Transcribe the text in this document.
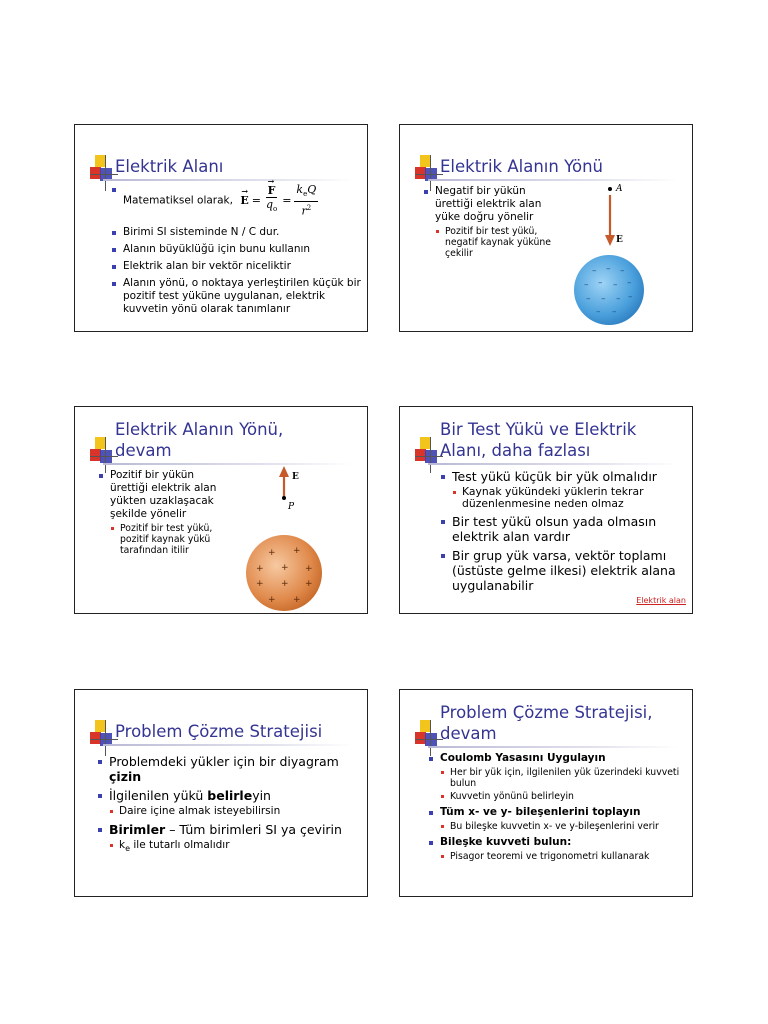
Elektrik Alanı
Matematiksel olarak,
→
E = →
F
$q_o = \frac{k_eQ}{r^2}$
Birimi SI sisteminde N / C dur.
Alanın büyüklüğü için bunu kullanın
Elektrik alan bir vektör niceliktir
Alanın yönü, o noktaya yerleştirilen küçük bir pozitif test yüküne uygulanan, elektrik kuvvetin yönü olarak tanımlanır
Elektrik Alanın Yönü
Negatif bir yükün ürettiği elektrik alan yüke doğru yönelir
Pozitif bir test yükü, negatif kaynak yüküne çekilir
A
E
– – –
– – – –
– – – –
– –
Elektrik Alanın Yönü,
devam
Pozitif bir yükün ürettiği elektrik alan yükten uzaklaşacak şekilde yönelir
Pozitif bir test yükü, pozitif kaynak yükü tarafından itilir
E
P
+ +
+ + +
+ + +
+ +
Bir Test Yükü ve Elektrik
Alanı, daha fazlası
Test yükü küçük bir yük olmalıdır
Kaynak yükündeki yüklerin tekrar düzenlenmesine neden olmaz
Bir test yükü olsun yada olmasın elektrik alan vardır
Bir grup yük varsa, vektör toplamı (üstüste gelme ilkesi) elektrik alana uygulanabilir
Elektrik alan
Problem Çözme Stratejisi
Problemdeki yükler için bir diyagram çizin
İlgilenilen yükü belirleyin
Daire içine almak isteyebilirsin
Birimler – Tüm birimleri SI ya çevirin
$k_e$ ile tutarlı olmalıdır
Problem Çözme Stratejisi,
devam
Coulomb Yasasını Uygulayın
Her bir yük için, ilgilenilen yük üzerindeki kuvveti bulun
Kuvvetin yönünü belirleyin
Tüm x- ve y- bileşenlerini toplayın
Bu bileşke kuvvetin x- ve y-bileşenlerini verir
Bileşke kuvveti bulun:
Pisagor teoremi ve trigonometri kullanarak
